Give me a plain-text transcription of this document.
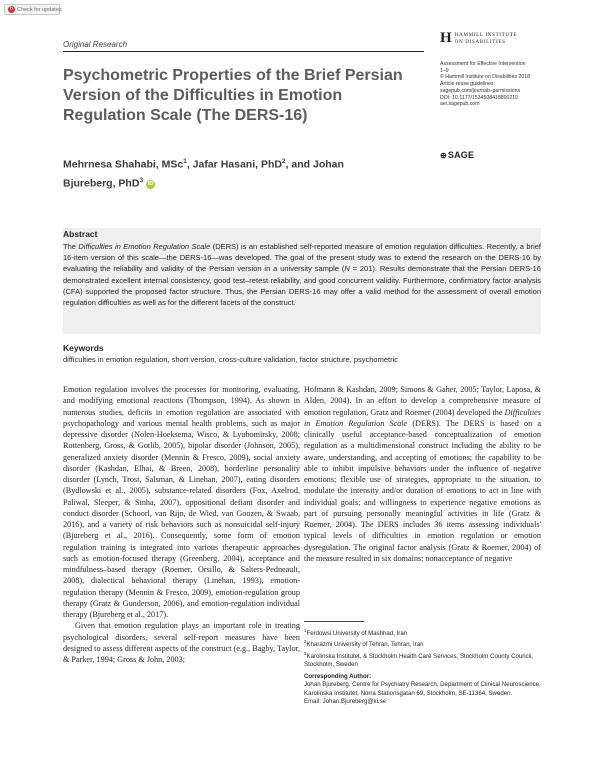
↻ Check for updates
Original Research	H HAMMILL INSTITUTE
ON DISABILITIES
Assessment for Effective Intervention
1–9
© Hammill Institute on Disabilities 2018
Article reuse guidelines:
sagepub.com/journals-permissions
DOI: 10.1177/1534508418800210
aei.sagepub.com
⊕ SAGE
Psychometric Properties of the Brief Persian Version of the Difficulties in Emotion Regulation Scale (The DERS-16)
Mehrnesa Shahabi, MSc$^1$, Jafar Hasani, PhD$^2$, and Johan
Bjureberg, PhD$^3$ iD
Abstract

The Difficulties in Emotion Regulation Scale (DERS) is an established self-reported measure of emotion regulation difficulties. Recently, a brief 16-item version of this scale—the DERS-16—was developed. The goal of the present study was to extend the research on the DERS-16 by evaluating the reliability and validity of the Persian version in a university sample (N = 201). Results demonstrate that the Persian DERS-16 demonstrated excellent internal consistency, good test–retest reliability, and good concurrent validity. Furthermore, confirmatory factor analysis (CFA) supported the proposed factor structure. Thus, the Persian DERS-16 may offer a valid method for the assessment of overall emotion regulation difficulties as well as for the different facets of the construct.

Keywords
difficulties in emotion regulation, short version, cross-culture validation, factor structure, psychometric

Emotion regulation involves the processes for monitoring, evaluating, and modifying emotional reactions (Thompson, 1994). As shown in numerous studies, deficits in emotion regulation are associated with psychopathology and various mental health problems, such as major depressive disorder (Nolen-Hoeksema, Wisco, & Lyubomirsky, 2008; Rottenberg, Gross, & Gotlib, 2005), bipolar disorder (Johnson, 2005), generalized anxiety disorder (Mennin & Fresco, 2009), social anxiety disorder (Kashdan, Elhai, & Breen, 2008), borderline personality disorder (Lynch, Trost, Salsman, & Linehan, 2007), eating disorders (Bydlowski et al., 2005), substance-related disorders (Fox, Axelrod, Paliwal, Sleeper, & Sinha, 2007), oppositional defiant disorder and conduct disorder (Schoorl, van Rijn, de Wied, van Goozen, & Swaab, 2016), and a variety of risk behaviors such as nonsuicidal self-injury (Bjureberg et al., 2016). Consequently, some form of emotion regulation training is integrated into various therapeutic approaches such as emotion-focused therapy (Greenberg, 2004), acceptance and mindfulness–based therapy (Roemer, Orsillo, & Salters-Pedneault, 2008), dialectical behavioral therapy (Linehan, 1993), emotion-regulation therapy (Mennin & Fresco, 2009), emotion-regulation group therapy (Gratz & Gunderson, 2006), and emotion-regulation individual therapy (Bjureberg et al., 2017).

Given that emotion regulation plays an important role in treating psychological disorders, several self-report measures have been designed to assess different aspects of the construct (e.g., Bagby, Taylor, & Parker, 1994; Gross & John, 2003;

Hofmann & Kashdan, 2009; Simons & Gaher, 2005; Taylor, Laposa, & Alden, 2004). In an effort to develop a comprehensive measure of emotion regulation, Gratz and Roemer (2004) developed the Difficulties in Emotion Regulation Scale (DERS). The DERS is based on a clinically useful acceptance-based conceptualization of emotion regulation as a multidimensional construct including the ability to be aware, understanding, and accepting of emotions; the capability to be able to inhibit impulsive behaviors under the influence of negative emotions; flexible use of strategies, appropriate to the situation, to modulate the intensity and/or duration of emotions to act in line with individual goals; and willingness to experience negative emotions as part of pursuing personally meaningful activities in life (Gratz & Roemer, 2004). The DERS includes 36 items assessing individuals' typical levels of difficulties in emotion regulation or emotion dysregulation. The original factor analysis (Gratz & Roemer, 2004) of the measure resulted in six domains: nonacceptance of negative

$^1$Ferdowsi University of Mashhad, Iran

$^2$Kharazmi University of Tehran, Tehran, Iran

$^3$Karolinska Institutet, & Stockholm Health Care Services, Stockholm County Council, Stockholm, Sweden

Corresponding Author:

Johan Bjureberg, Centre for Psychiatry Research, Department of Clinical Neuroscience, Karolinska Institutet, Norra Stationsgatan 69, Stockholm, SE-11364, Sweden.

Email: Johan.Bjureberg@ki.se
